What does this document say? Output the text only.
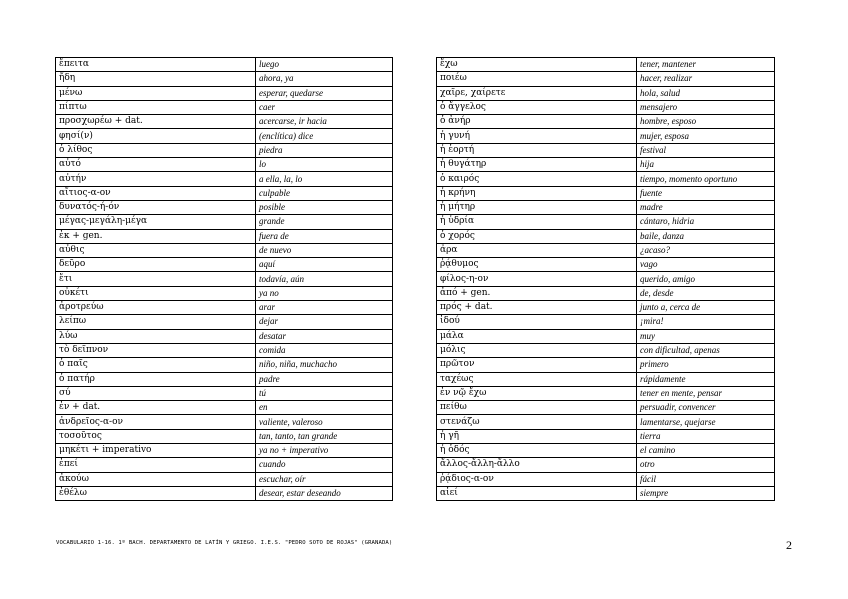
ἔπειτα	luego
ἤδη	ahora, ya
μένω	esperar, quedarse
πίπτω	caer
προσχωρέω + dat.	acercarse, ir hacia
φησί(ν)	(enclítica) dice
ὁ λίθος	piedra
αὐτό	lo
αὐτήν	a ella, la, lo
αἴτιος-α-ον	culpable
δυνατός-ή-όν	posible
μέγας-μεγάλη-μέγα	grande
ἐκ + gen.	fuera de
αὖθις	de nuevo
δεῦρο	aquí
ἔτι	todavía, aún
οὐκέτι	ya no
ἀροτρεύω	arar
λείπω	dejar
λύω	desatar
τὸ δεῖπνον	comida
ὁ παῖς	niño, niña, muchacho
ὁ πατήρ	padre
σύ	tú
ἐν + dat.	en
ἀνδρεῖος-α-ον	valiente, valeroso
τοσοῦτος	tan, tanto, tan grande
μηκέτι + imperativo	ya no + imperativo
ἐπεί	cuando
ἀκούω	escuchar, oír
ἐθέλω	desear, estar deseando
ἔχω	tener, mantener
ποιέω	hacer, realizar
χαῖρε, χαίρετε	hola, salud
ὁ ἄγγελος	mensajero
ὁ ἀνήρ	hombre, esposo
ἡ γυνή	mujer, esposa
ἡ ἑορτή	festival
ἡ θυγάτηρ	hija
ὁ καιρός	tiempo, momento oportuno
ἡ κρήνη	fuente
ἡ μήτηρ	madre
ἡ ὑδρία	cántaro, hidria
ὁ χορός	baile, danza
ἆρα	¿acaso?
ῥᾴθυμος	vago
φίλος-η-ον	querido, amigo
ἀπό + gen.	de, desde
πρός + dat.	junto a, cerca de
ἰδού	¡mira!
μάλα	muy
μόλις	con dificultad, apenas
πρῶτον	primero
ταχέως	rápidamente
ἐν νῷ ἔχω	tener en mente, pensar
πείθω	persuadir, convencer
στενάζω	lamentarse, quejarse
ἡ γῆ	tierra
ἡ ὁδός	el camino
ἄλλος-ἄλλη-ἄλλο	otro
ῥᾴδιος-α-ον	fácil
αἰεί	siempre
VOCABULARIO 1-16. 1º BACH. DEPARTAMENTO DE LATÍN Y GRIEGO. I.E.S. "PEDRO SOTO DE ROJAS" (GRANADA)	2
